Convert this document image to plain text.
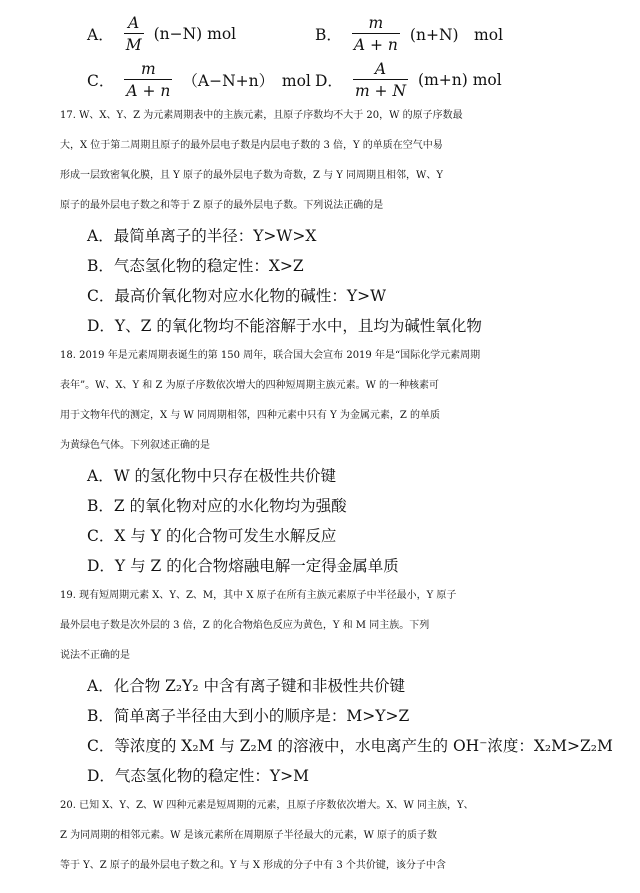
A． $\frac{A}{M} (n-N)$ mol	B． $\frac{m}{A + n} (n+N)$　mol
C． $\frac{m}{A + n} (A-N+n)$　mol D． $\frac{A}{m + N} (m+n)$ mol
17. W、X、Y、Z 为元素周期表中的主族元素，且原子序数均不大于 20，W 的原子序数最
大，X 位于第二周期且原子的最外层电子数是内层电子数的 3 倍，Y 的单质在空气中易
形成一层致密氧化膜，且 Y 原子的最外层电子数为奇数，Z 与 Y 同周期且相邻，W、Y
原子的最外层电子数之和等于 Z 原子的最外层电子数。下列说法正确的是
A．最简单离子的半径：Y>W>X
B．气态氢化物的稳定性：X>Z
C．最高价氧化物对应水化物的碱性：Y>W
D．Y、Z 的氧化物均不能溶解于水中，且均为碱性氧化物
18. 2019 年是元素周期表诞生的第 150 周年，联合国大会宣布 2019 年是“国际化学元素周期
表年”。W、X、Y 和 Z 为原子序数依次增大的四种短周期主族元素。W 的一种核素可
用于文物年代的测定，X 与 W 同周期相邻，四种元素中只有 Y 为金属元素，Z 的单质
为黄绿色气体。下列叙述正确的是
A．W 的氢化物中只存在极性共价键
B．Z 的氧化物对应的水化物均为强酸
C．X 与 Y 的化合物可发生水解反应
D．Y 与 Z 的化合物熔融电解一定得金属单质
19. 现有短周期元素 X、Y、Z、M，其中 X 原子在所有主族元素原子中半径最小，Y 原子
最外层电子数是次外层的 3 倍，Z 的化合物焰色反应为黄色，Y 和 M 同主族。下列
说法不正确的是
A．化合物 Z₂Y₂ 中含有离子键和非极性共价键
B．简单离子半径由大到小的顺序是：M>Y>Z
C．等浓度的 X₂M 与 Z₂M 的溶液中，水电离产生的 OH⁻浓度：X₂M>Z₂M
D．气态氢化物的稳定性：Y>M
20. 已知 X、Y、Z、W 四种元素是短周期的元素，且原子序数依次增大。X、W 同主族，Y、
Z 为同周期的相邻元素。W 是该元素所在周期原子半径最大的元素，W 原子的质子数
等于 Y、Z 原子的最外层电子数之和。Y 与 X 形成的分子中有 3 个共价键，该分子中含
